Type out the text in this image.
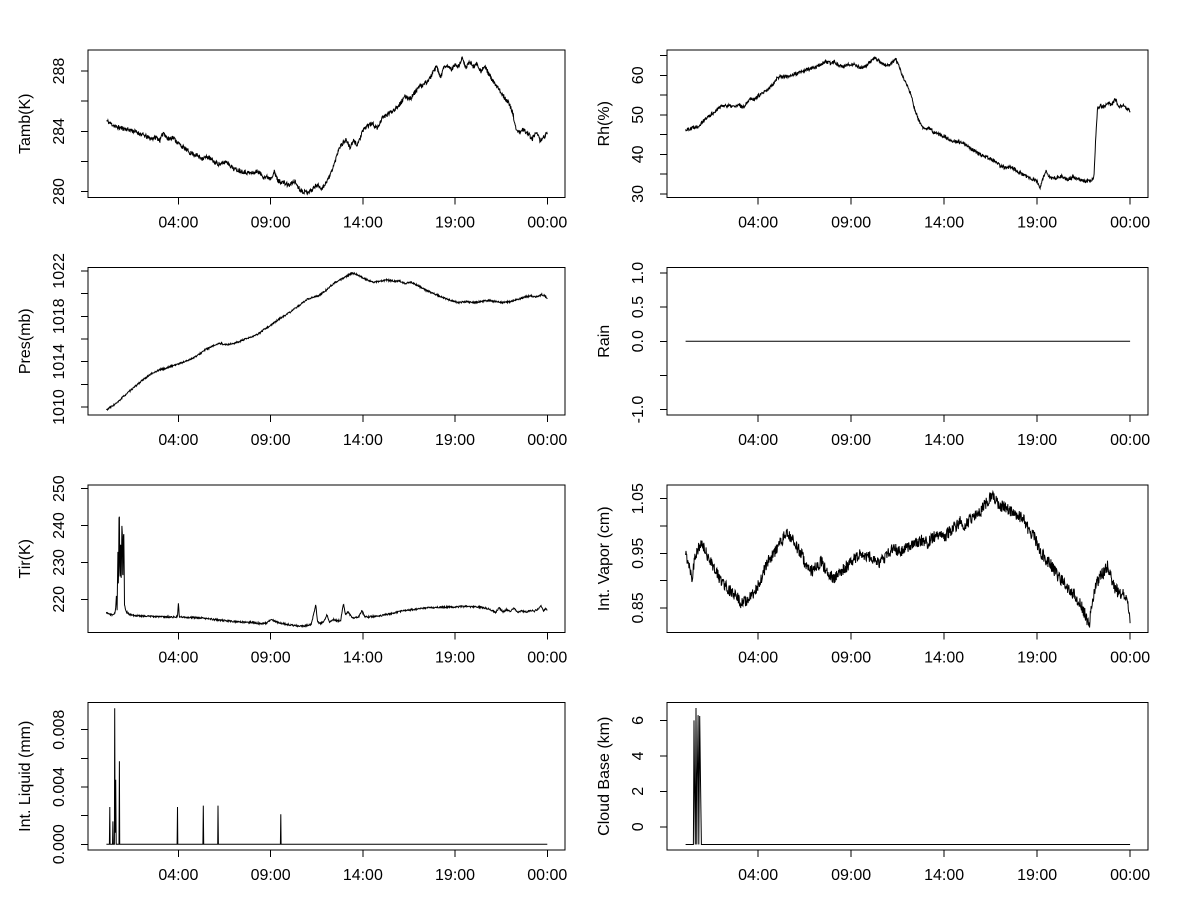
04:00	09:00	14:00	19:00	00:00
280
284
288
Tamb(K)
04:00	09:00	14:00	19:00	00:00
30
40
50
60
Rh(%)
04:00	09:00	14:00	19:00	00:00
1010
1014
1018
1022
Pres(mb)
04:00	09:00	14:00	19:00	00:00
-1.0
0.0
0.5
1.0
Rain
04:00	09:00	14:00	19:00	00:00
220
230
240
250
Tir(K)
04:00	09:00	14:00	19:00	00:00
0.85
0.95
1.05
Int. Vapor (cm)
04:00	09:00	14:00	19:00	00:00
0.000
0.004
0.008
Int. Liquid (mm)
04:00	09:00	14:00	19:00	00:00
0
2
4
6
Cloud Base (km)
